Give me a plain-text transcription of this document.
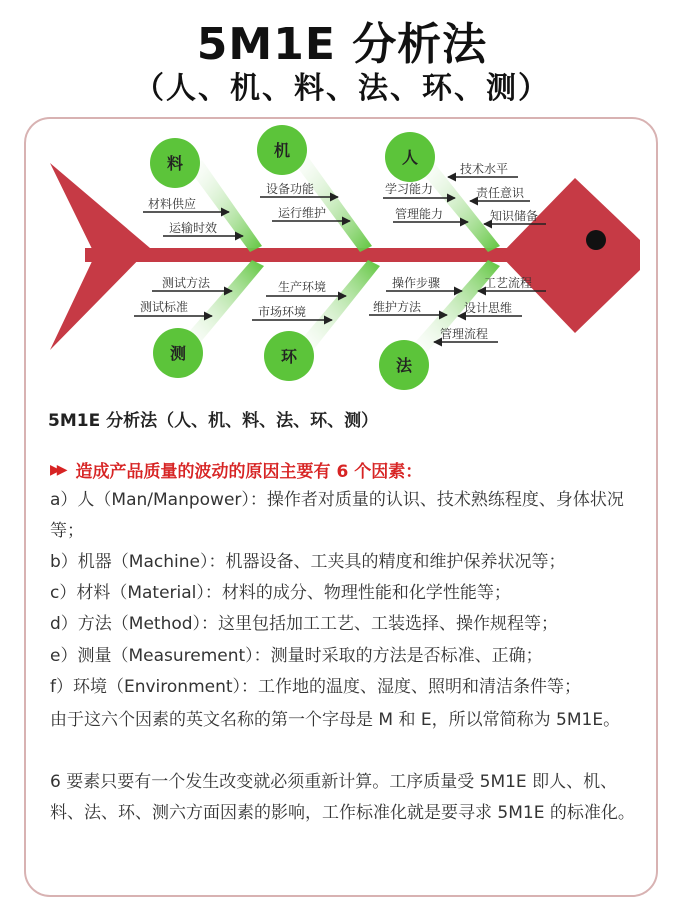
5M1E 分析法
（人、机、料、法、环、测）
料
机	人
测	环	法
材料供应
运输时效
设备功能
运行维护
学习能力
管理能力
技术水平
责任意识
知识储备
测试方法
测试标准
生产环境
市场环境
操作步骤
维护方法
工艺流程
设计思维
管理流程
5M1E 分析法（人、机、料、法、环、测）
▶▶ 造成产品质量的波动的原因主要有 6 个因素：
a）人（Man/Manpower）：操作者对质量的认识、技术熟练程度、身体状况等；
b）机器（Machine）：机器设备、工夹具的精度和维护保养状况等；
c）材料（Material）：材料的成分、物理性能和化学性能等；
d）方法（Method）：这里包括加工工艺、工装选择、操作规程等；
e）测量（Measurement）：测量时采取的方法是否标准、正确；
f）环境（Environment）：工作地的温度、湿度、照明和清洁条件等；
由于这六个因素的英文名称的第一个字母是 M 和 E，所以常简称为 5M1E。
6 要素只要有一个发生改变就必须重新计算。工序质量受 5M1E 即人、机、料、法、环、测六方面因素的影响，工作标准化就是要寻求 5M1E 的标准化。
